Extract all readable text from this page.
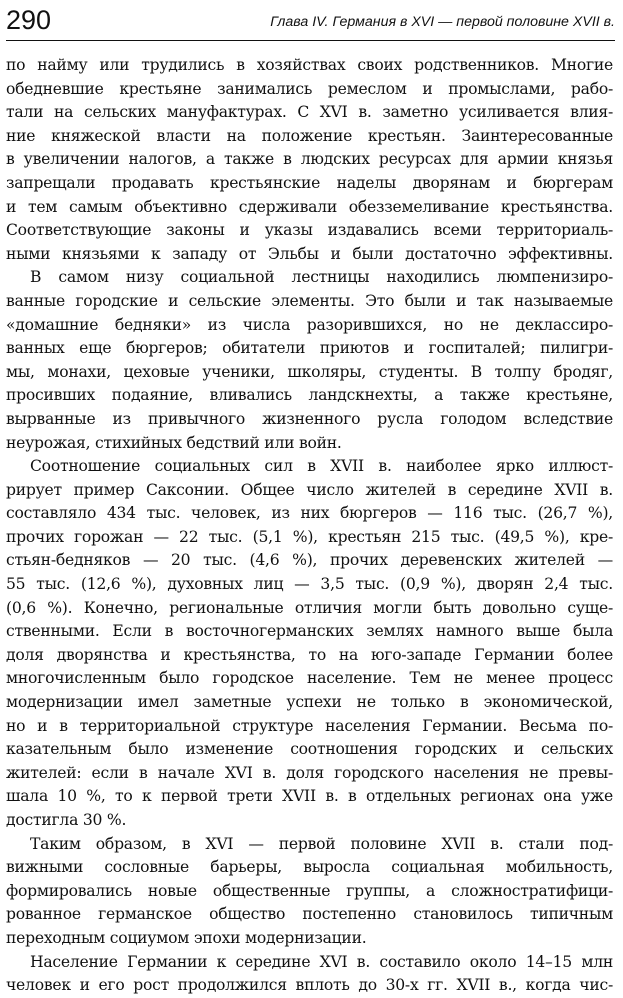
290	Глава IV. Германия в XVI — первой половине XVII в.
по найму или трудились в хозяйствах своих родственников. Многие
обедневшие крестьяне занимались ремеслом и промыслами, рабо-
тали на сельских мануфактурах. С XVI в. заметно усиливается влия-
ние княжеской власти на положение крестьян. Заинтересованные
в увеличении налогов, а также в людских ресурсах для армии князья
запрещали продавать крестьянские наделы дворянам и бюргерам
и тем самым объективно сдерживали обезземеливание крестьянства.
Соответствующие законы и указы издавались всеми территориаль-
ными князьями к западу от Эльбы и были достаточно эффективны.
В самом низу социальной лестницы находились люмпенизиро-
ванные городские и сельские элементы. Это были и так называемые
«домашние бедняки» из числа разорившихся, но не деклассиро-
ванных еще бюргеров; обитатели приютов и госпиталей; пилигри-
мы, монахи, цеховые ученики, школяры, студенты. В толпу бродяг,
просивших подаяние, вливались ландскнехты, а также крестьяне,
вырванные из привычного жизненного русла голодом вследствие
неурожая, стихийных бедствий или войн.
Соотношение социальных сил в XVII в. наиболее ярко иллюст-
рирует пример Саксонии. Общее число жителей в середине XVII в.
составляло 434 тыс. человек, из них бюргеров — 116 тыс. (26,7 %),
прочих горожан — 22 тыс. (5,1 %), крестьян 215 тыс. (49,5 %), кре-
стьян-бедняков — 20 тыс. (4,6 %), прочих деревенских жителей —
55 тыс. (12,6 %), духовных лиц — 3,5 тыс. (0,9 %), дворян 2,4 тыс.
(0,6 %). Конечно, региональные отличия могли быть довольно суще-
ственными. Если в восточногерманских землях намного выше была
доля дворянства и крестьянства, то на юго-западе Германии более
многочисленным было городское население. Тем не менее процесс
модернизации имел заметные успехи не только в экономической,
но и в территориальной структуре населения Германии. Весьма по-
казательным было изменение соотношения городских и сельских
жителей: если в начале XVI в. доля городского населения не превы-
шала 10 %, то к первой трети XVII в. в отдельных регионах она уже
достигла 30 %.
Таким образом, в XVI — первой половине XVII в. стали под-
вижными сословные барьеры, выросла социальная мобильность,
формировались новые общественные группы, а сложностратифици-
рованное германское общество постепенно становилось типичным
переходным социумом эпохи модернизации.
Население Германии к середине XVI в. составило около 14–15 млн
человек и его рост продолжился вплоть до 30-х гг. XVII в., когда чис-
